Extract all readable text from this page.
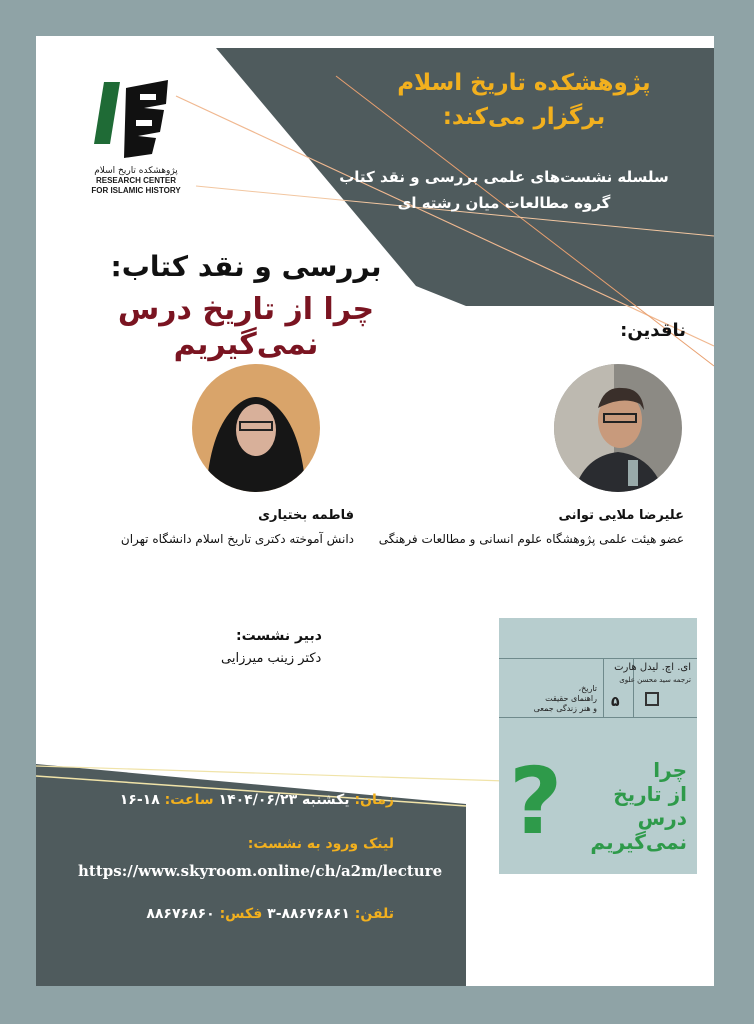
پژوهشکده تاریخ اسلام
RESEARCH CENTER
FOR ISLAMIC HISTORY
پژوهشکده تاریخ اسلام
برگزار می‌کند:
سلسله نشست‌های علمی بررسی و نقد کتاب
گروه مطالعات میان رشته ای
بررسی و نقد کتاب:
چرا از تاریخ درس نمی‌گیریم	ناقدین:
علیرضا ملایی توانی
عضو هیئت علمی پژوهشگاه علوم انسانی و مطالعات فرهنگی
فاطمه بختیاری
دانش آموخته دکتری تاریخ اسلام دانشگاه تهران
دبیر نشست:
دکتر زینب میرزایی
زمان: یکشنبه ۱۴۰۴/۰۶/۲۳ ساعت: ۱۸-۱۶
لینک ورود به نشست:
https://www.skyroom.online/ch/a2m/lecture
تلفن: ۸۸۶۷۶۸۶۱-۳ فکس: ۸۸۶۷۶۸۶۰
ای. اچ. لیدل هارت
ترجمه سید محسن علوی
تاریخ،
راهنمای حقیقت
و هنر زندگی جمعی ۵
?	چرا
از تاریخ
درس
نمی‌گیریم
